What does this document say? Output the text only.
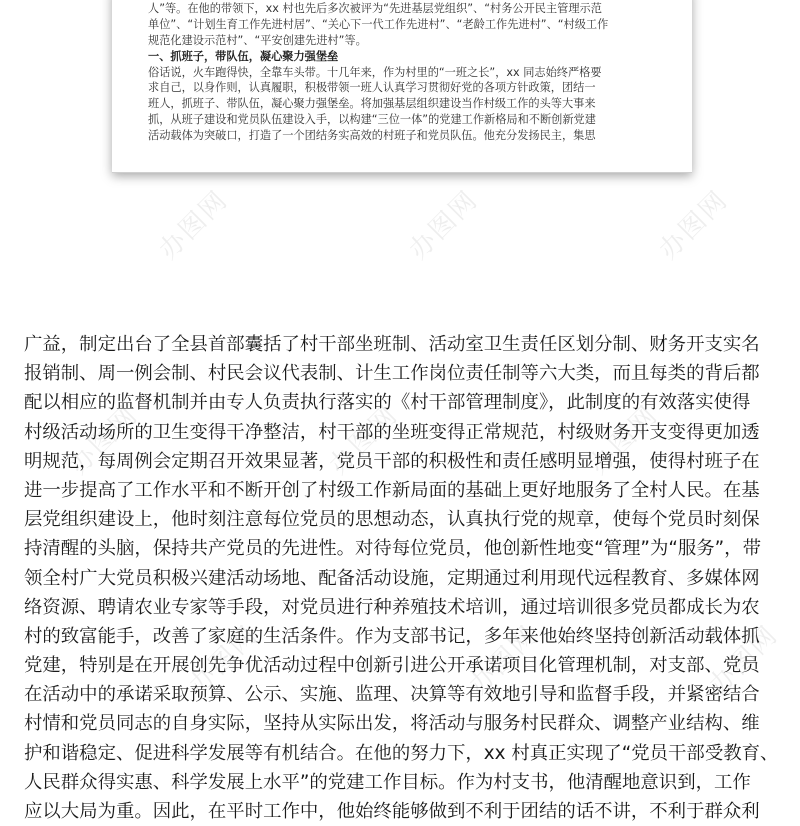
人”等。在他的带领下，xx 村也先后多次被评为“先进基层党组织”、“村务公开民主管理示范
单位”、“计划生育工作先进村居”、“关心下一代工作先进村”、“老龄工作先进村”、“村级工作
规范化建设示范村”、“平安创建先进村”等。
一、抓班子，带队伍，凝心聚力强堡垒
俗话说，火车跑得快，全靠车头带。十几年来，作为村里的“一班之长”，xx 同志始终严格要
求自己，以身作则，认真履职，积极带领一班人认真学习贯彻好党的各项方针政策，团结一
班人，抓班子、带队伍，凝心聚力强堡垒。将加强基层组织建设当作村级工作的头等大事来
抓，从班子建设和党员队伍建设入手，以构建“三位一体”的党建工作新格局和不断创新党建
活动载体为突破口，打造了一个团结务实高效的村班子和党员队伍。他充分发扬民主，集思
办图网	办图网	办图网
办图网	办图网	办图网
办图网	办图网	办图网
广益，制定出台了全县首部囊括了村干部坐班制、活动室卫生责任区划分制、财务开支实名
报销制、周一例会制、村民会议代表制、计生工作岗位责任制等六大类，而且每类的背后都
配以相应的监督机制并由专人负责执行落实的《村干部管理制度》，此制度的有效落实使得
村级活动场所的卫生变得干净整洁，村干部的坐班变得正常规范，村级财务开支变得更加透
明规范，每周例会定期召开效果显著，党员干部的积极性和责任感明显增强，使得村班子在
进一步提高了工作水平和不断开创了村级工作新局面的基础上更好地服务了全村人民。在基
层党组织建设上，他时刻注意每位党员的思想动态，认真执行党的规章，使每个党员时刻保
持清醒的头脑，保持共产党员的先进性。对待每位党员，他创新性地变“管理”为“服务”，带
领全村广大党员积极兴建活动场地、配备活动设施，定期通过利用现代远程教育、多媒体网
络资源、聘请农业专家等手段，对党员进行种养殖技术培训，通过培训很多党员都成长为农
村的致富能手，改善了家庭的生活条件。作为支部书记，多年来他始终坚持创新活动载体抓
党建，特别是在开展创先争优活动过程中创新引进公开承诺项目化管理机制，对支部、党员
在活动中的承诺采取预算、公示、实施、监理、决算等有效地引导和监督手段，并紧密结合
村情和党员同志的自身实际，坚持从实际出发，将活动与服务村民群众、调整产业结构、维
护和谐稳定、促进科学发展等有机结合。在他的努力下，xx 村真正实现了“党员干部受教育、
人民群众得实惠、科学发展上水平”的党建工作目标。作为村支书，他清醒地意识到，工作
应以大局为重。因此，在平时工作中，他始终能够做到不利于团结的话不讲，不利于群众利
